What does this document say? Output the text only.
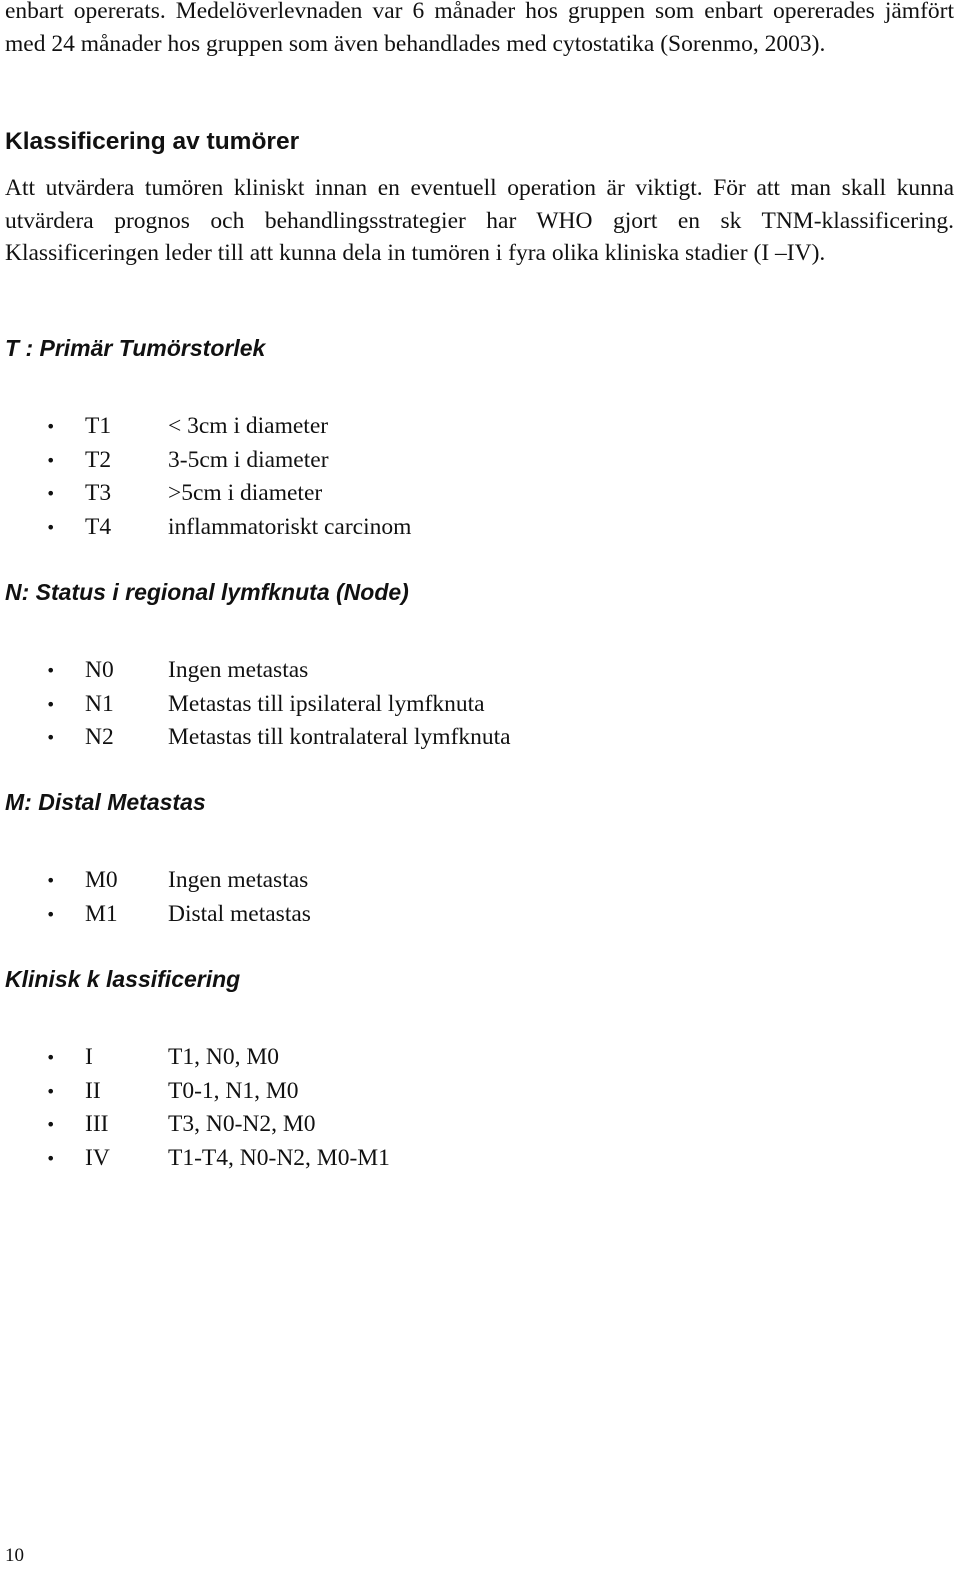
enbart opererats. Medelöverlevnaden var 6 månader hos gruppen som enbart opererades jämfört med 24 månader hos gruppen som även behandlades med cytostatika (Sorenmo, 2003).

Klassificering av tumörer

Att utvärdera tumören kliniskt innan en eventuell operation är viktigt. För att man skall kunna utvärdera prognos och behandlingsstrategier har WHO gjort en sk TNM-klassificering. Klassificeringen leder till att kunna dela in tumören i fyra olika kliniska stadier (I –IV).

T : Primär Tumörstorlek
• T1 < 3cm i diameter
• T2 3-5cm i diameter
• T3 >5cm i diameter
• T4 inflammatoriskt carcinom
N: Status i regional lymfknuta (Node)
• N0 Ingen metastas
• N1 Metastas till ipsilateral lymfknuta
• N2 Metastas till kontralateral lymfknuta
M: Distal Metastas
• M0 Ingen metastas
• M1 Distal metastas
Klinisk k lassificering
• I	T1, N0, M0
• II	T0-1, N1, M0
• III	T3, N0-N2, M0
• IV T1-T4, N0-N2, M0-M1
10
